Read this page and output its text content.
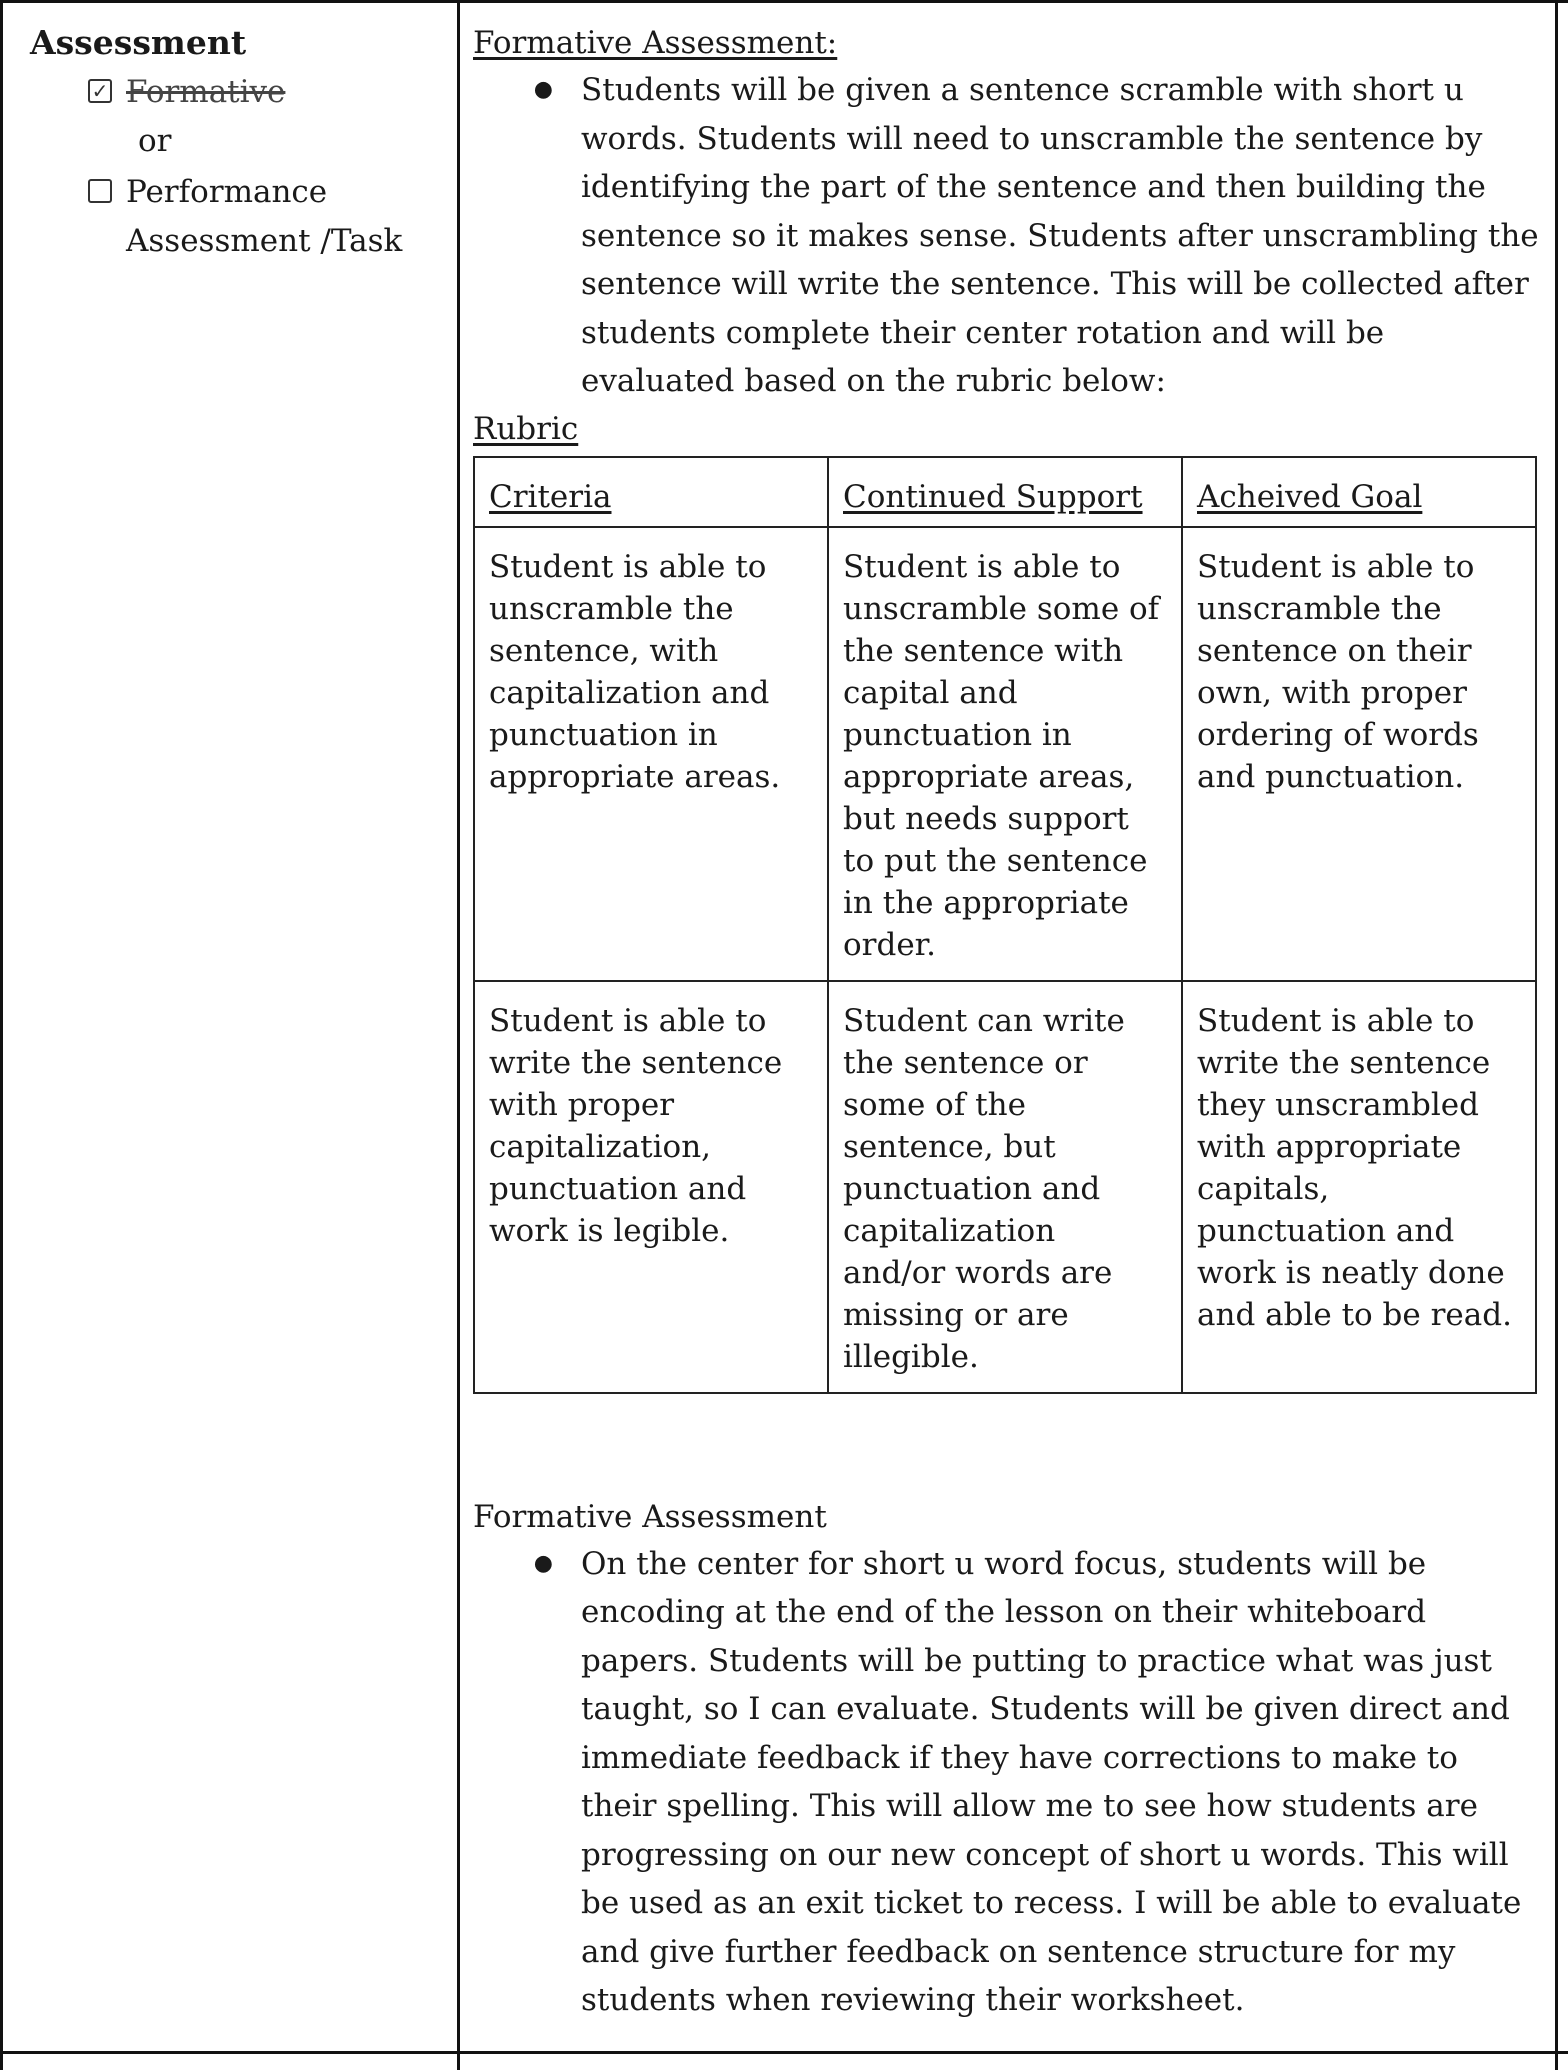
Assessment

✓ Formative
or
Performance Assessment /Task

Formative Assessment:

● Students will be given a sentence scramble with short u words. Students will need to unscramble the sentence by identifying the part of the sentence and then building the sentence so it makes sense. Students after unscrambling the sentence will write the sentence. This will be collected after students complete their center rotation and will be evaluated based on the rubric below:

Rubric

Criteria	Continued Support	Acheived Goal
Student is able to unscramble the sentence, with capitalization and punctuation in appropriate areas.	Student is able to unscramble some of the sentence with capital and punctuation in appropriate areas, but needs support to put the sentence in the appropriate order.	Student is able to unscramble the sentence on their own, with proper ordering of words and punctuation.
Student is able to write the sentence with proper capitalization, punctuation and work is legible.	Student can write the sentence or some of the sentence, but punctuation and capitalization and/or words are missing or are illegible.	Student is able to write the sentence they unscrambled with appropriate capitals, punctuation and work is neatly done and able to be read.

Formative Assessment

● On the center for short u word focus, students will be encoding at the end of the lesson on their whiteboard papers. Students will be putting to practice what was just taught, so I can evaluate. Students will be given direct and immediate feedback if they have corrections to make to their spelling. This will allow me to see how students are progressing on our new concept of short u words. This will be used as an exit ticket to recess. I will be able to evaluate and give further feedback on sentence structure for my students when reviewing their worksheet.
